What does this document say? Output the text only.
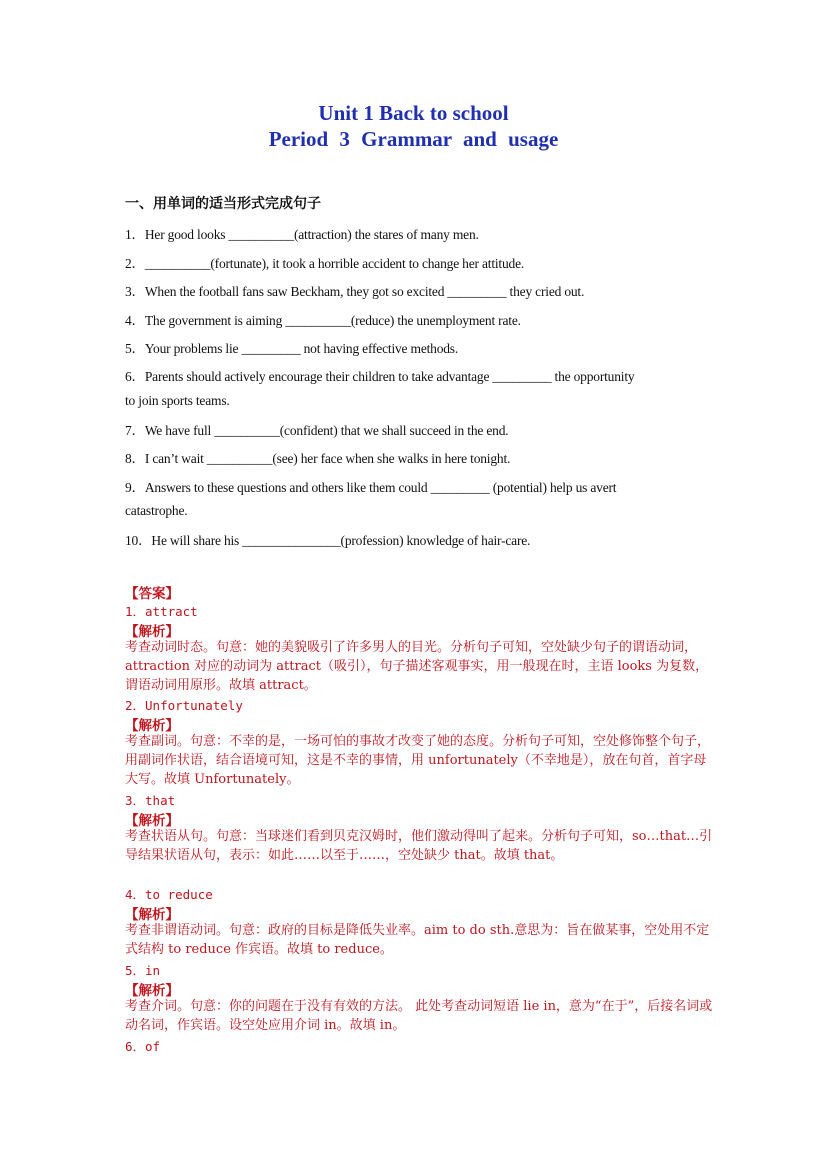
Unit 1 Back to school
Period 3 Grammar and usage

一、用单词的适当形式完成句子

1．Her good looks __________(attraction) the stares of many men.

2．__________(fortunate), it took a horrible accident to change her attitude.

3．When the football fans saw Beckham, they got so excited _________ they cried out.

4．The government is aiming __________(reduce) the unemployment rate.

5．Your problems lie _________ not having effective methods.

6．Parents should actively encourage their children to take advantage _________ the opportunity

to join sports teams.

7．We have full __________(confident) that we shall succeed in the end.

8．I can’t wait __________(see) her face when she walks in here tonight.

9．Answers to these questions and others like them could _________ (potential) help us avert

catastrophe.

10．He will share his _______________(profession) knowledge of hair-care.

【答案】

1．attract

【解析】

考查动词时态。句意：她的美貌吸引了许多男人的目光。分析句子可知，空处缺少句子的谓语动词，attraction 对应的动词为 attract（吸引），句子描述客观事实，用一般现在时，主语 looks 为复数，谓语动词用原形。故填 attract。

2．Unfortunately

【解析】

考查副词。句意：不幸的是，一场可怕的事故才改变了她的态度。分析句子可知，空处修饰整个句子，用副词作状语，结合语境可知，这是不幸的事情，用 unfortunately（不幸地是），放在句首，首字母大写。故填 Unfortunately。

3．that

【解析】

考查状语从句。句意：当球迷们看到贝克汉姆时，他们激动得叫了起来。分析句子可知，so…that…引导结果状语从句，表示：如此……以至于……，空处缺少 that。故填 that。

4．to reduce

【解析】

考查非谓语动词。句意：政府的目标是降低失业率。aim to do sth.意思为：旨在做某事，空处用不定式结构 to reduce 作宾语。故填 to reduce。

5．in

【解析】

考查介词。句意：你的问题在于没有有效的方法。 此处考查动词短语 lie in，意为“在于”，后接名词或动名词，作宾语。设空处应用介词 in。故填 in。

6．of
